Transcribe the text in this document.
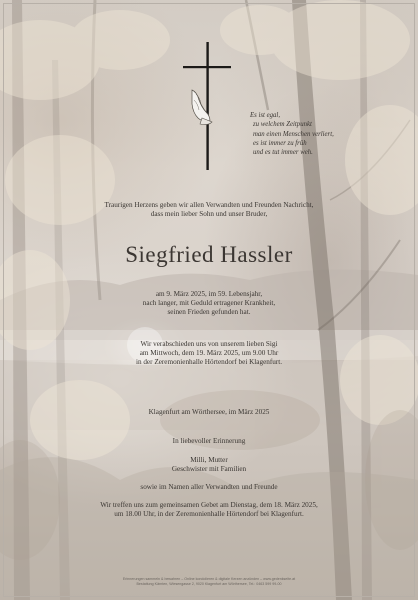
Es ist egal,
zu welchem Zeitpunkt
man einen Menschen verliert,
es ist immer zu früh
und es tut immer weh.
Traurigen Herzens geben wir allen Verwandten und Freunden Nachricht,
dass mein lieber Sohn und unser Bruder,
Siegfried Hassler
am 9. März 2025, im 59. Lebensjahr,
nach langer, mit Geduld ertragener Krankheit,
seinen Frieden gefunden hat.
Wir verabschieden uns von unserem lieben Sigi
am Mittwoch, dem 19. März 2025, um 9.00 Uhr
in der Zeremonienhalle Hörtendorf bei Klagenfurt.
Klagenfurt am Wörthersee, im März 2025
In liebevoller Erinnerung
Milli, Mutter
Geschwister mit Familien
sowie im Namen aller Verwandten und Freunde
Wir treffen uns zum gemeinsamen Gebet am Dienstag, dem 18. März 2025,
um 18.00 Uhr, in der Zeremonienhalle Hörtendorf bei Klagenfurt.
Erinnerungen sammeln & bewahren – Online kondolieren & digitale Kerzen anzünden – www.gedenkseite.at
Bestattung Kärnten, Wiesengasse 2, 9020 Klagenfurt am Wörthersee, Tel.: 0463 599 99-00
